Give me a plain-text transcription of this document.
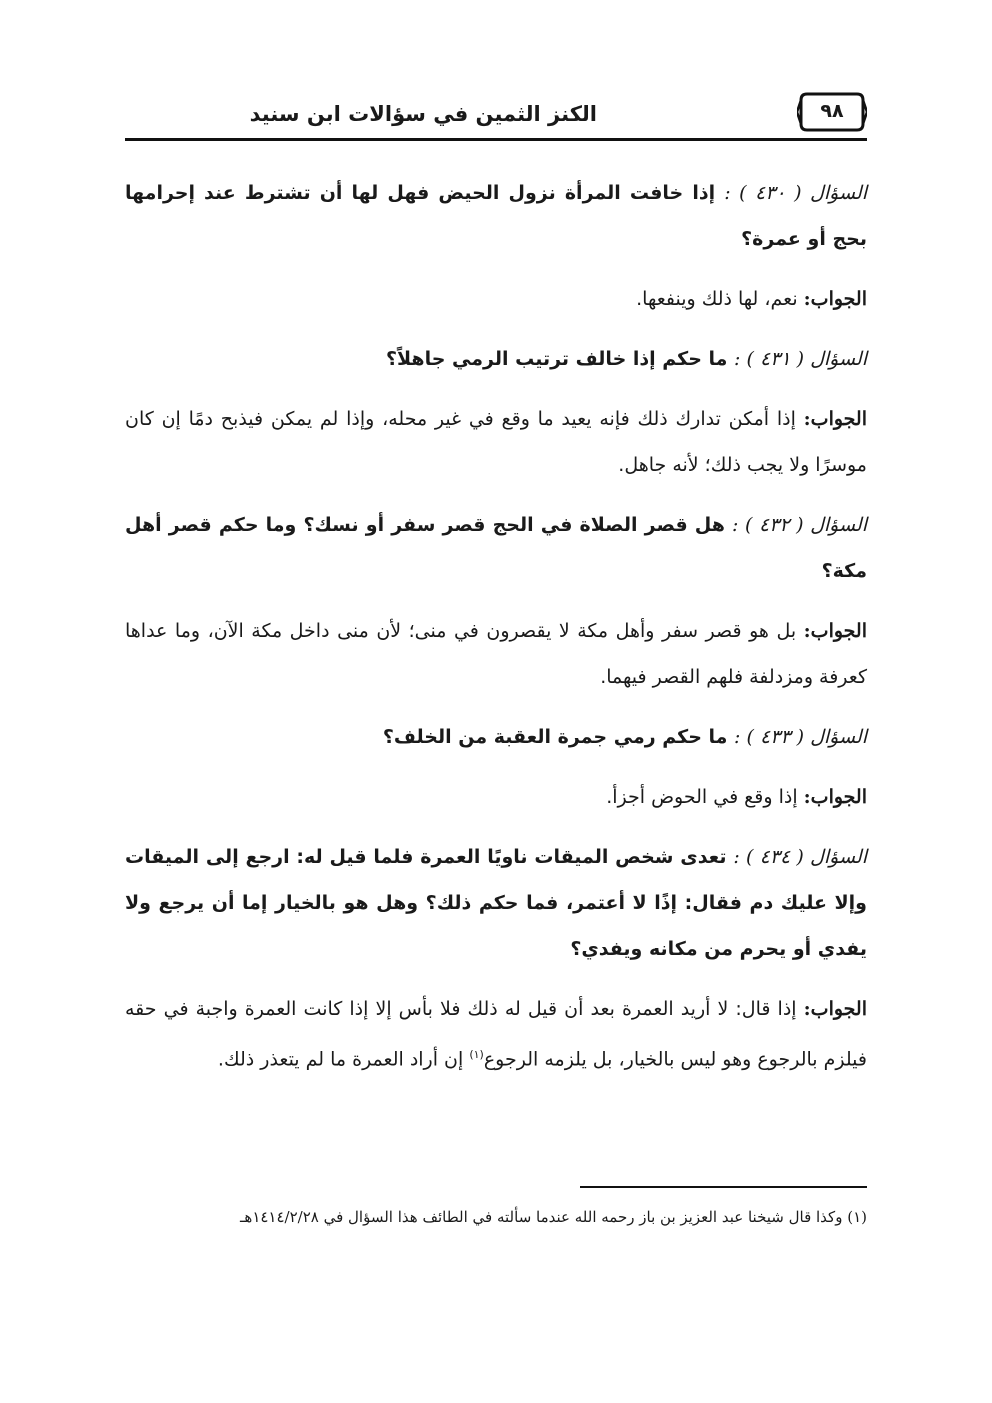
الكنز الثمين في سؤالات ابن سنيد	٩٨

السؤال ( ٤٣٠ ) : إذا خافت المرأة نزول الحيض فهل لها أن تشترط عند إحرامها بحج أو عمرة؟

الجواب: نعم، لها ذلك وينفعها.

السؤال ( ٤٣١ ) : ما حكم إذا خالف ترتيب الرمي جاهلاً؟

الجواب: إذا أمكن تدارك ذلك فإنه يعيد ما وقع في غير محله، وإذا لم يمكن فيذبح دمًا إن كان موسرًا ولا يجب ذلك؛ لأنه جاهل.

السؤال ( ٤٣٢ ) : هل قصر الصلاة في الحج قصر سفر أو نسك؟ وما حكم قصر أهل مكة؟

الجواب: بل هو قصر سفر وأهل مكة لا يقصرون في منى؛ لأن منى داخل مكة الآن، وما عداها كعرفة ومزدلفة فلهم القصر فيهما.

السؤال ( ٤٣٣ ) : ما حكم رمي جمرة العقبة من الخلف؟

الجواب: إذا وقع في الحوض أجزأ.

السؤال ( ٤٣٤ ) : تعدى شخص الميقات ناويًا العمرة فلما قيل له: ارجع إلى الميقات وإلا عليك دم فقال: إذًا لا أعتمر، فما حكم ذلك؟ وهل هو بالخيار إما أن يرجع ولا يفدي أو يحرم من مكانه ويفدي؟

الجواب: إذا قال: لا أريد العمرة بعد أن قيل له ذلك فلا بأس إلا إذا كانت العمرة واجبة في حقه فيلزم بالرجوع وهو ليس بالخيار، بل يلزمه الرجوع$^{(١)}$ إن أراد العمرة ما لم يتعذر ذلك.

(١) وكذا قال شيخنا عبد العزيز بن باز رحمه الله عندما سألته في الطائف هذا السؤال في ١٤١٤/٢/٢٨هـ
